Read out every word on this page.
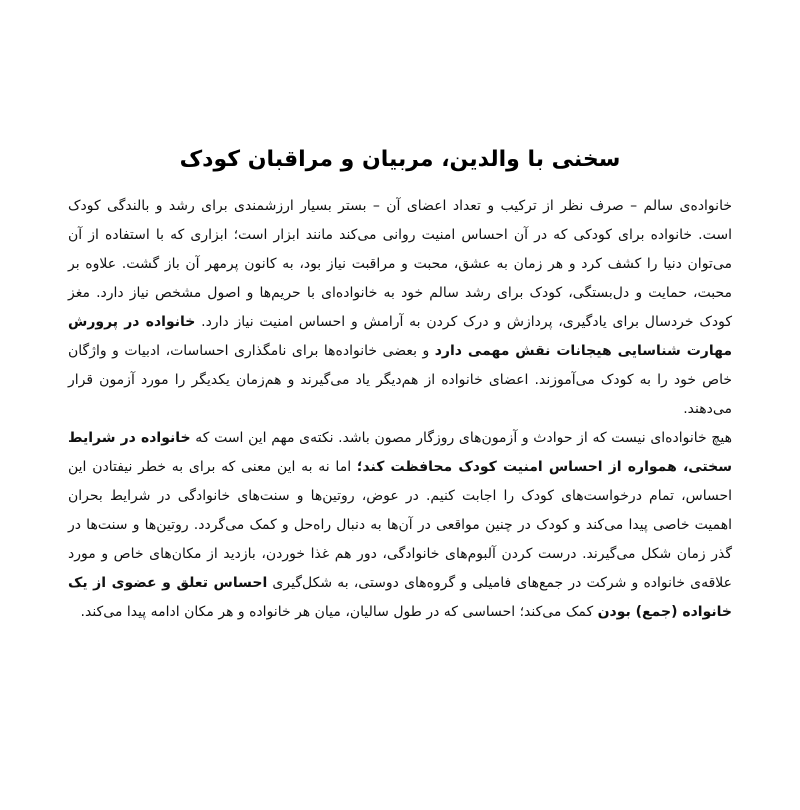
سخنی با والدین، مربیان و مراقبان کودک

خانواده‌ی سالم – صرف نظر از ترکیب و تعداد اعضای آن – بستر بسیار ارزشمندی برای رشد و بالندگی کودک است. خانواده برای کودکی که در آن احساس امنیت روانی می‌کند مانند ابزار است؛ ابزاری که با استفاده از آن می‌توان دنیا را کشف کرد و هر زمان به عشق، محبت و مراقبت نیاز بود، به کانون پرمهر آن باز گشت. علاوه بر محبت، حمایت و دل‌بستگی، کودک برای رشد سالم خود به خانواده‌ای با حریم‌ها و اصول مشخص نیاز دارد. مغز کودک خردسال برای یادگیری، پردازش و درک کردن به آرامش و احساس امنیت نیاز دارد. خانواده در پرورش مهارت شناسایی هیجانات نقش مهمی دارد و بعضی خانواده‌ها برای نامگذاری احساسات، ادبیات و واژگان خاص خود را به کودک می‌آموزند. اعضای خانواده از هم‌دیگر یاد می‌گیرند و هم‌زمان یکدیگر را مورد آزمون قرار می‌دهند.

هیچ خانواده‌ای نیست که از حوادث و آزمون‌های روزگار مصون باشد. نکته‌ی مهم این است که خانواده در شرایط سختی، همواره از احساس امنیت کودک محافظت کند؛ اما نه به این معنی که برای به خطر نیفتادن این احساس، تمام درخواست‌های کودک را اجابت کنیم. در عوض، روتین‌ها و سنت‌های خانوادگی در شرایط بحران اهمیت خاصی پیدا می‌کند و کودک در چنین مواقعی در آن‌ها به دنبال راه‌حل و کمک می‌گردد. روتین‌ها و سنت‌ها در گذر زمان شکل می‌گیرند. درست کردن آلبوم‌های خانوادگی، دور هم غذا خوردن، بازدید از مکان‌های خاص و مورد علاقه‌ی خانواده و شرکت در جمع‌های فامیلی و گروه‌های دوستی، به شکل‌گیری احساس تعلق و عضوی از یک خانواده (جمع) بودن کمک می‌کند؛ احساسی که در طول سالیان، میان هر خانواده و هر مکان ادامه پیدا می‌کند.
